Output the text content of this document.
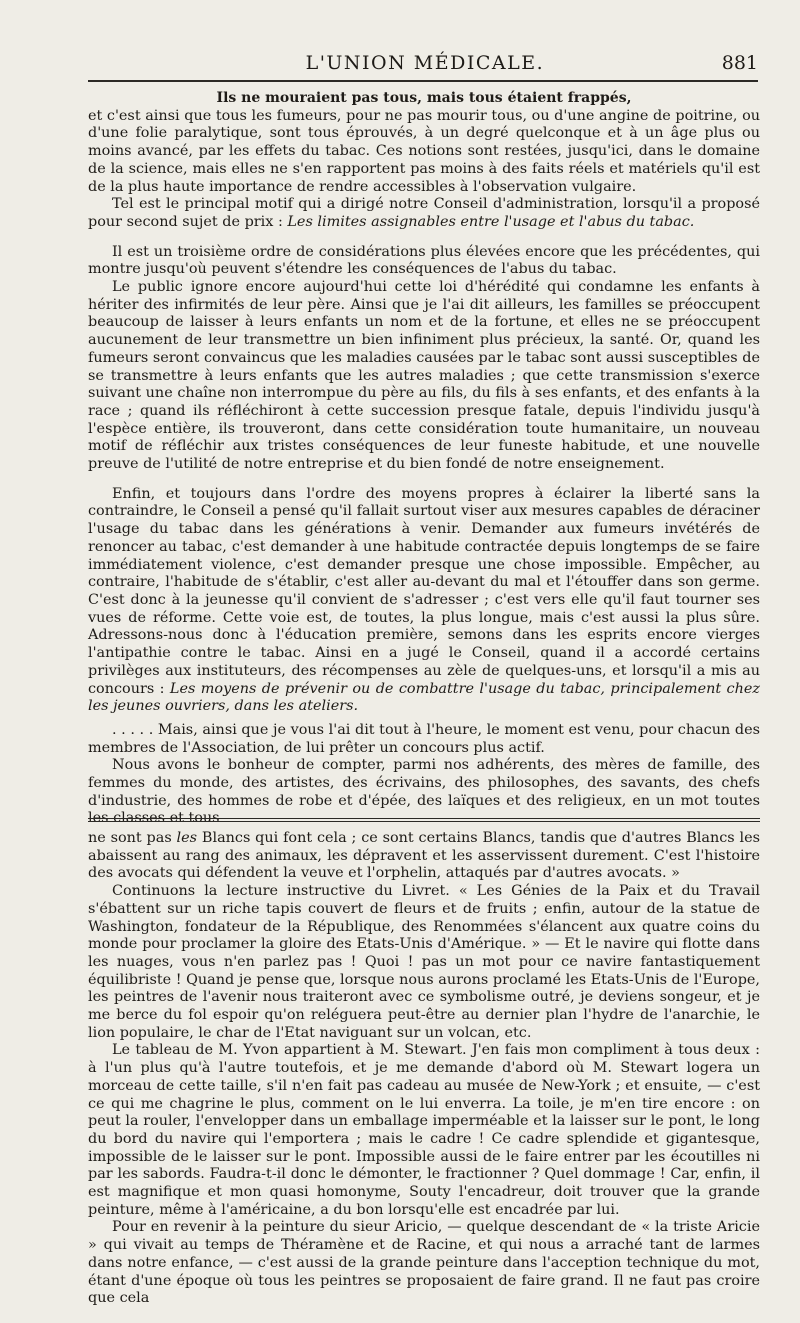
L'UNION MÉDICALE.	881

Ils ne mouraient pas tous, mais tous étaient frappés,

et c'est ainsi que tous les fumeurs, pour ne pas mourir tous, ou d'une angine de poitrine, ou d'une folie paralytique, sont tous éprouvés, à un degré quelconque et à un âge plus ou moins avancé, par les effets du tabac. Ces notions sont restées, jusqu'ici, dans le domaine de la science, mais elles ne s'en rapportent pas moins à des faits réels et matériels qu'il est de la plus haute importance de rendre accessibles à l'observation vulgaire.

Tel est le principal motif qui a dirigé notre Conseil d'administration, lorsqu'il a proposé pour second sujet de prix : Les limites assignables entre l'usage et l'abus du tabac.

Il est un troisième ordre de considérations plus élevées encore que les précédentes, qui montre jusqu'où peuvent s'étendre les conséquences de l'abus du tabac.

Le public ignore encore aujourd'hui cette loi d'hérédité qui condamne les enfants à hériter des infirmités de leur père. Ainsi que je l'ai dit ailleurs, les familles se préoccupent beaucoup de laisser à leurs enfants un nom et de la fortune, et elles ne se préoccupent aucunement de leur transmettre un bien infiniment plus précieux, la santé. Or, quand les fumeurs seront convaincus que les maladies causées par le tabac sont aussi susceptibles de se transmettre à leurs enfants que les autres maladies ; que cette transmission s'exerce suivant une chaîne non interrompue du père au fils, du fils à ses enfants, et des enfants à la race ; quand ils réfléchiront à cette succession presque fatale, depuis l'individu jusqu'à l'espèce entière, ils trouveront, dans cette considération toute humanitaire, un nouveau motif de réfléchir aux tristes conséquences de leur funeste habitude, et une nouvelle preuve de l'utilité de notre entreprise et du bien fondé de notre enseignement.

Enfin, et toujours dans l'ordre des moyens propres à éclairer la liberté sans la contraindre, le Conseil a pensé qu'il fallait surtout viser aux mesures capables de déraciner l'usage du tabac dans les générations à venir. Demander aux fumeurs invétérés de renoncer au tabac, c'est demander à une habitude contractée depuis longtemps de se faire immédiatement violence, c'est demander presque une chose impossible. Empêcher, au contraire, l'habitude de s'établir, c'est aller au-devant du mal et l'étouffer dans son germe. C'est donc à la jeunesse qu'il convient de s'adresser ; c'est vers elle qu'il faut tourner ses vues de réforme. Cette voie est, de toutes, la plus longue, mais c'est aussi la plus sûre. Adressons-nous donc à l'éducation première, semons dans les esprits encore vierges l'antipathie contre le tabac. Ainsi en a jugé le Conseil, quand il a accordé certains privilèges aux instituteurs, des récompenses au zèle de quelques-uns, et lorsqu'il a mis au concours : Les moyens de prévenir ou de combattre l'usage du tabac, principalement chez les jeunes ouvriers, dans les ateliers.

. . . . . Mais, ainsi que je vous l'ai dit tout à l'heure, le moment est venu, pour chacun des membres de l'Association, de lui prêter un concours plus actif.

Nous avons le bonheur de compter, parmi nos adhérents, des mères de famille, des femmes du monde, des artistes, des écrivains, des philosophes, des savants, des chefs d'industrie, des hommes de robe et d'épée, des laïques et des religieux, en un mot toutes les classes et tous

ne sont pas les Blancs qui font cela ; ce sont certains Blancs, tandis que d'autres Blancs les abaissent au rang des animaux, les dépravent et les asservissent durement. C'est l'histoire des avocats qui défendent la veuve et l'orphelin, attaqués par d'autres avocats. »

Continuons la lecture instructive du Livret. « Les Génies de la Paix et du Travail s'ébattent sur un riche tapis couvert de fleurs et de fruits ; enfin, autour de la statue de Washington, fondateur de la République, des Renommées s'élancent aux quatre coins du monde pour proclamer la gloire des Etats-Unis d'Amérique. » — Et le navire qui flotte dans les nuages, vous n'en parlez pas ! Quoi ! pas un mot pour ce navire fantastiquement équilibriste ! Quand je pense que, lorsque nous aurons proclamé les Etats-Unis de l'Europe, les peintres de l'avenir nous traiteront avec ce symbolisme outré, je deviens songeur, et je me berce du fol espoir qu'on reléguera peut-être au dernier plan l'hydre de l'anarchie, le lion populaire, le char de l'Etat naviguant sur un volcan, etc.

Le tableau de M. Yvon appartient à M. Stewart. J'en fais mon compliment à tous deux : à l'un plus qu'à l'autre toutefois, et je me demande d'abord où M. Stewart logera un morceau de cette taille, s'il n'en fait pas cadeau au musée de New-York ; et ensuite, — c'est ce qui me chagrine le plus, comment on le lui enverra. La toile, je m'en tire encore : on peut la rouler, l'envelopper dans un emballage imperméable et la laisser sur le pont, le long du bord du navire qui l'emportera ; mais le cadre ! Ce cadre splendide et gigantesque, impossible de le laisser sur le pont. Impossible aussi de le faire entrer par les écoutilles ni par les sabords. Faudra-t-il donc le démonter, le fractionner ? Quel dommage ! Car, enfin, il est magnifique et mon quasi homonyme, Souty l'encadreur, doit trouver que la grande peinture, même à l'américaine, a du bon lorsqu'elle est encadrée par lui.

Pour en revenir à la peinture du sieur Aricio, — quelque descendant de « la triste Aricie » qui vivait au temps de Théramène et de Racine, et qui nous a arraché tant de larmes dans notre enfance, — c'est aussi de la grande peinture dans l'acception technique du mot, étant d'une époque où tous les peintres se proposaient de faire grand. Il ne faut pas croire que cela
